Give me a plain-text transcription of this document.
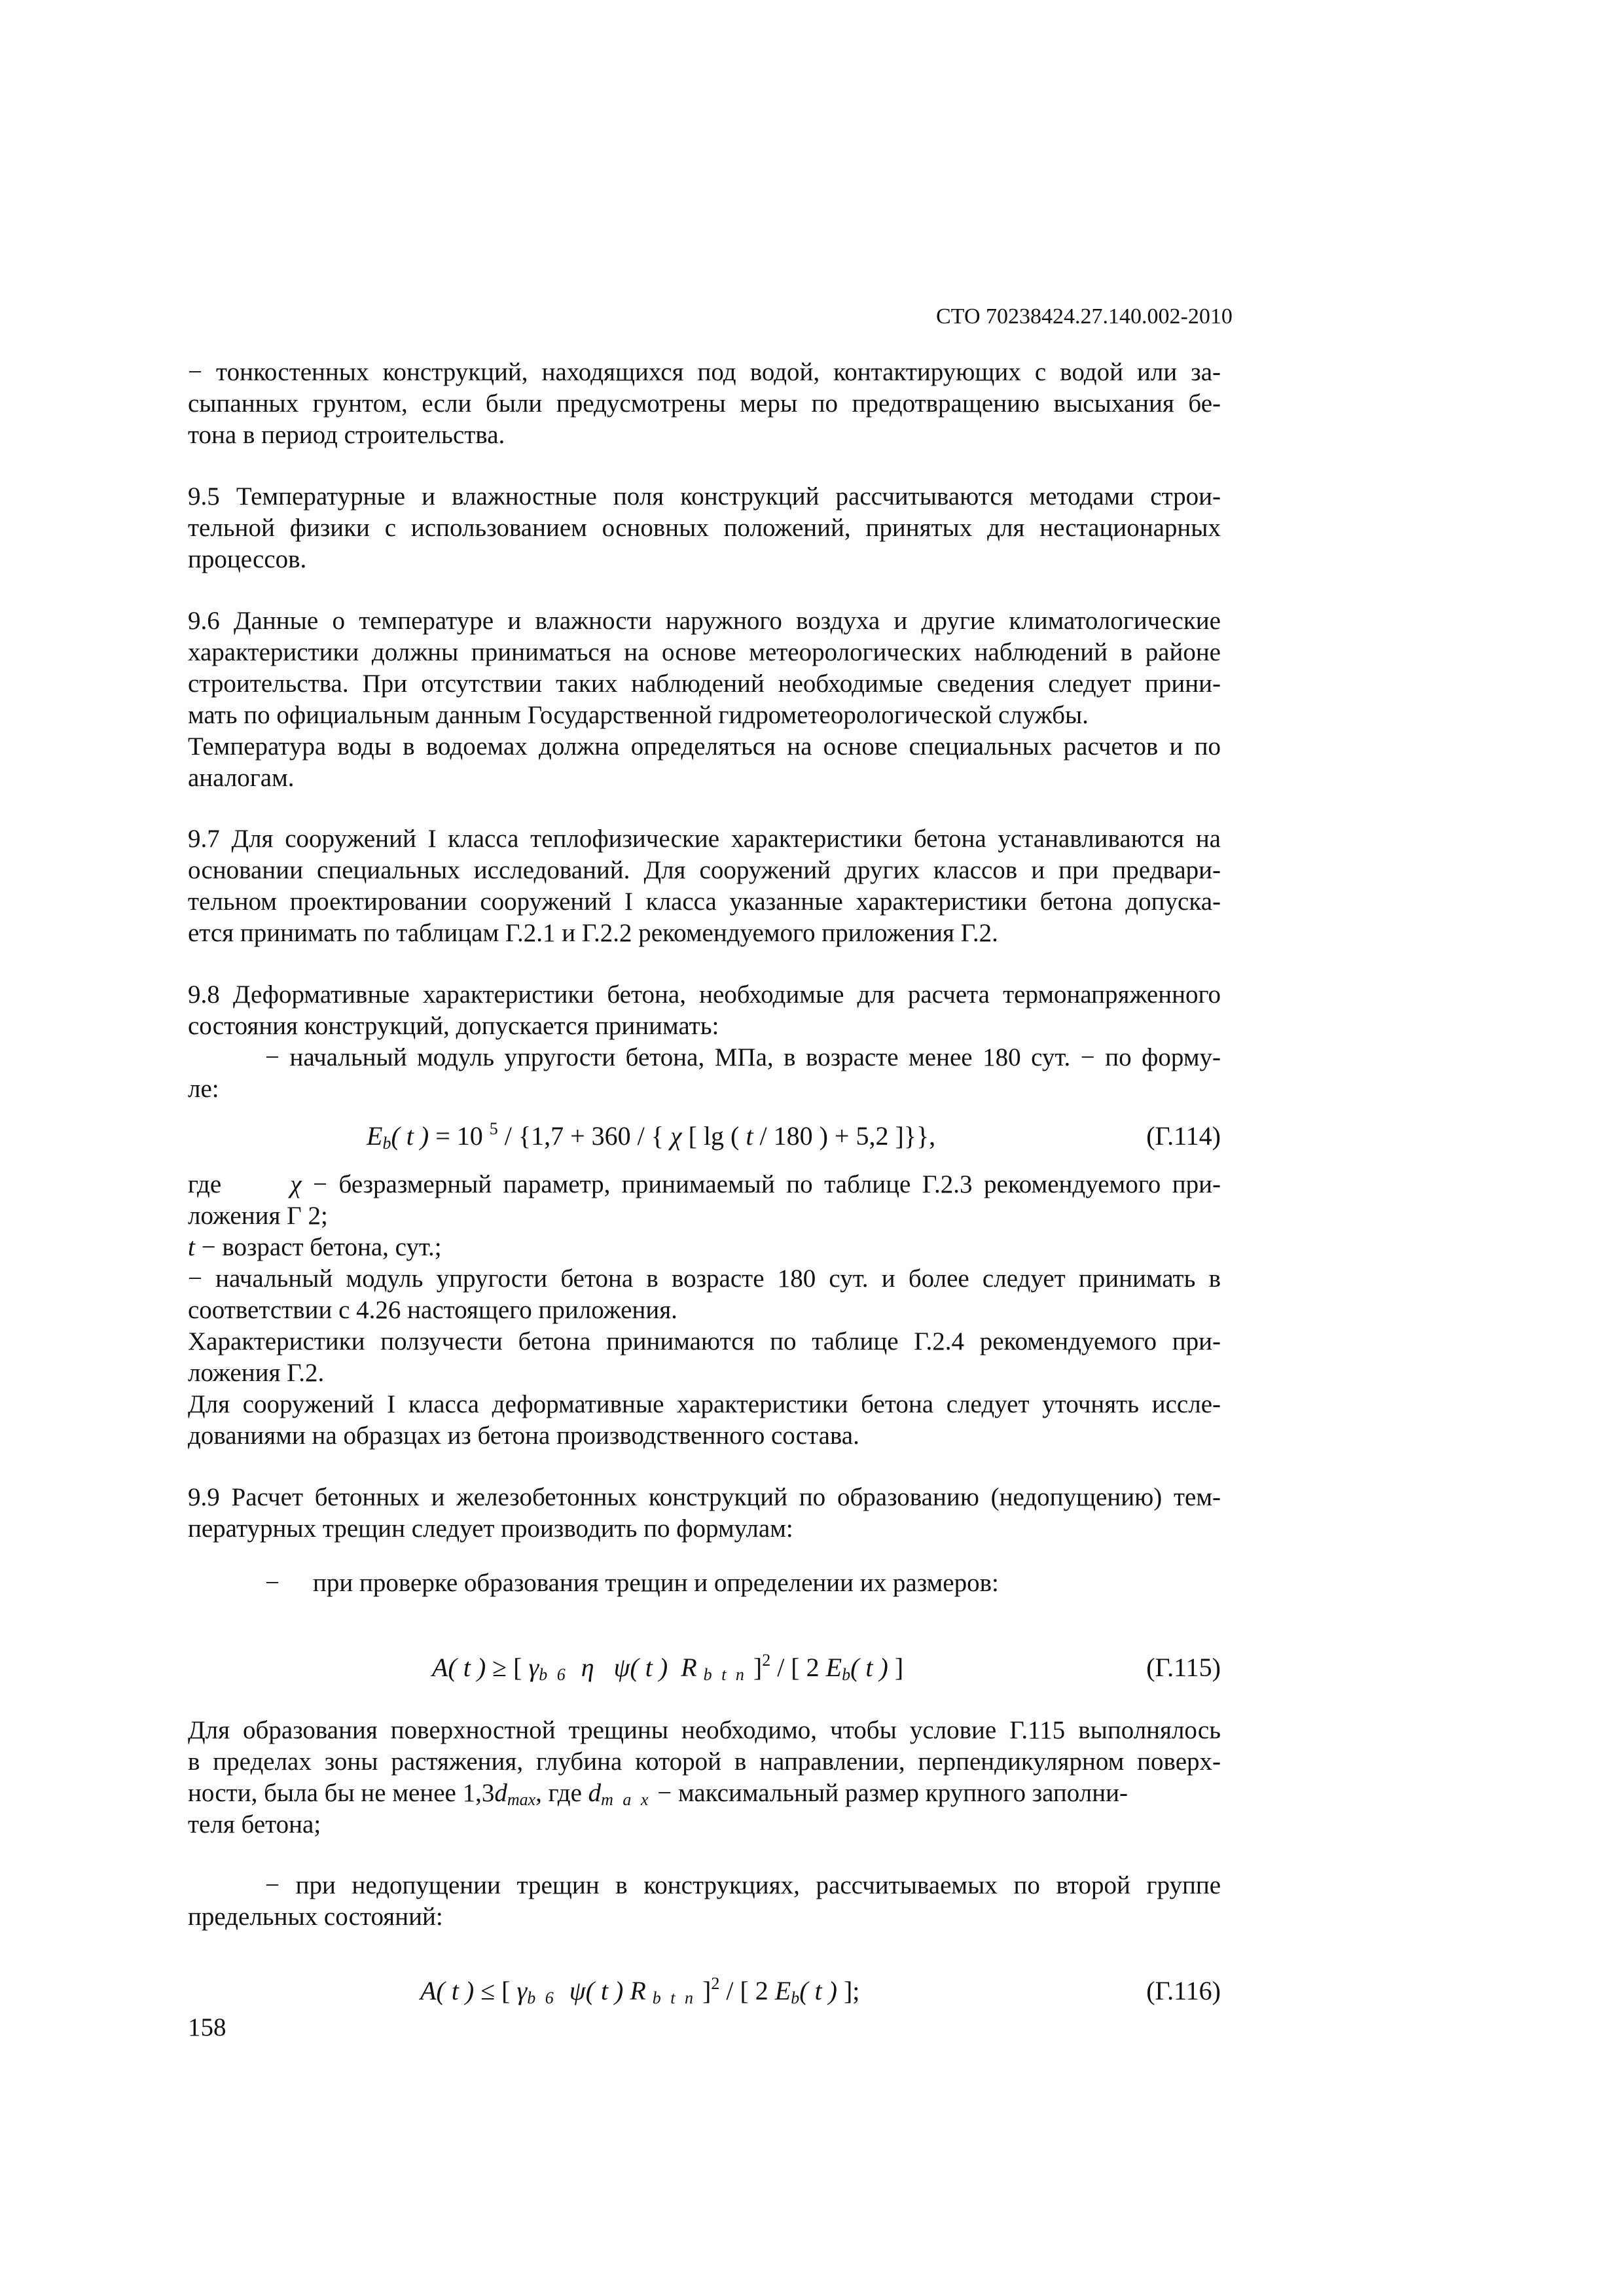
СТО 70238424.27.140.002-2010
− тонкостенных конструкций, находящихся под водой, контактирующих с водой или за-
сыпанных грунтом, если были предусмотрены меры по предотвращению высыхания бе-
тона в период строительства.
9.5 Температурные и влажностные поля конструкций рассчитываются методами строи-
тельной физики с использованием основных положений, принятых для нестационарных
процессов.
9.6 Данные о температуре и влажности наружного воздуха и другие климатологические
характеристики должны приниматься на основе метеорологических наблюдений в районе
строительства. При отсутствии таких наблюдений необходимые сведения следует прини-
мать по официальным данным Государственной гидрометеорологической службы.
Температура воды в водоемах должна определяться на основе специальных расчетов и по
аналогам.
9.7 Для сооружений I класса теплофизические характеристики бетона устанавливаются на
основании специальных исследований. Для сооружений других классов и при предвари-
тельном проектировании сооружений I класса указанные характеристики бетона допуска-
ется принимать по таблицам Г.2.1 и Г.2.2 рекомендуемого приложения Г.2.
9.8 Деформативные характеристики бетона, необходимые для расчета термонапряженного
состояния конструкций, допускается принимать:
− начальный модуль упругости бетона, МПа, в возрасте менее 180 сут. − по форму-
ле:
$E_b$( t ) = 10 $^5$ / {1,7 + 360 / { χ [ lg ( t / 180 ) + 5,2 ]}},	(Г.114)
где	χ − безразмерный параметр, принимаемый по таблице Г.2.3 рекомендуемого при-
ложения Г 2;
t − возраст бетона, сут.;
− начальный модуль упругости бетона в возрасте 180 сут. и более следует принимать в
соответствии с 4.26 настоящего приложения.
Характеристики ползучести бетона принимаются по таблице Г.2.4 рекомендуемого при-
ложения Г.2.
Для сооружений I класса деформативные характеристики бетона следует уточнять иссле-
дованиями на образцах из бетона производственного состава.
9.9 Расчет бетонных и железобетонных конструкций по образованию (недопущению) тем-
пературных трещин следует производить по формулам:
− при проверке образования трещин и определении их размеров:
A( t ) ≥ [ $\gamma_{b 6}$ η ψ( t ) R $_{b t n}$ ]$^2$ / [ 2 $E_b$( t ) ]	(Г.115)
Для образования поверхностной трещины необходимо, чтобы условие Г.115 выполнялось
в пределах зоны растяжения, глубина которой в направлении, перпендикулярном поверх-
ности, была бы не менее $1,3d_{max}$, где $d_{m a x}$ − максимальный размер крупного заполни-
теля бетона;
− при недопущении трещин в конструкциях, рассчитываемых по второй группе
предельных состояний:
A( t ) ≤ [ $\gamma_{b 6}$ ψ( t ) R $_{b t n}$ ]$^2$ / [ 2 $E_b$( t ) ];	(Г.116)
158
